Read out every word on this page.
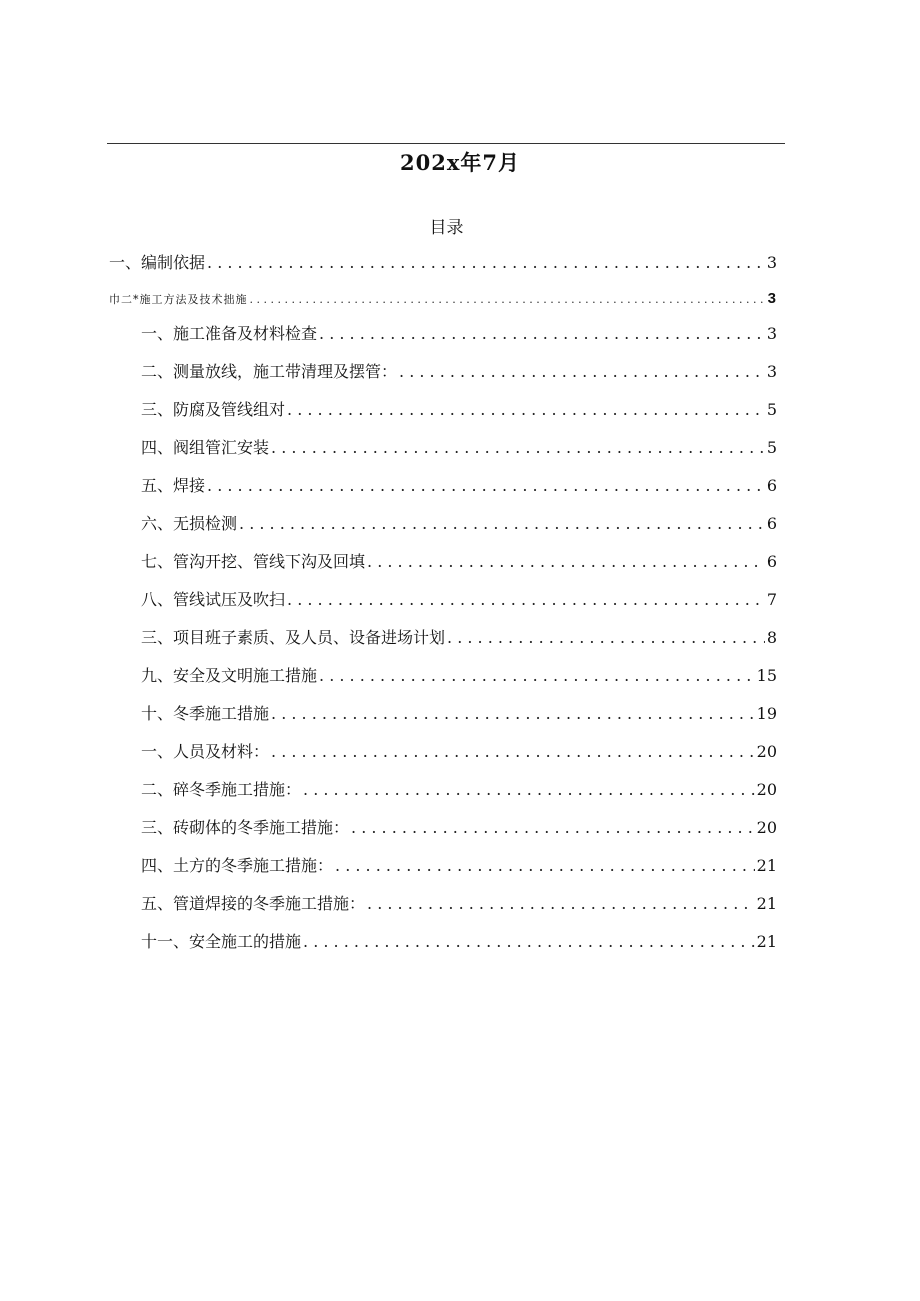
202x年7月
目录
一、编制依据 . . .	3
巾二*施工方法及技术拙施 . . .	3
一、施工准备及材料检查 . . .	3
二、测量放线，施工带清理及摆管： . . .	3
三、防腐及管线组对 . . .	5
四、阀组管汇安装 . . .	5
五、焊接 . . .	6
六、无损检测 . . .	6
七、管沟开挖、管线下沟及回填 . . .	6
八、管线试压及吹扫 . . .	7
三、项目班子素质、及人员、设备进场计划 . . .	8
九、安全及文明施工措施 . . .	15
十、冬季施工措施 . . .	19
一、人员及材料： . . .	20
二、碎冬季施工措施： . . .	20
三、砖砌体的冬季施工措施： . . .	20
四、土方的冬季施工措施： . . .	21
五、管道焊接的冬季施工措施： . . .	21
十一、安全施工的措施 . . .	21
